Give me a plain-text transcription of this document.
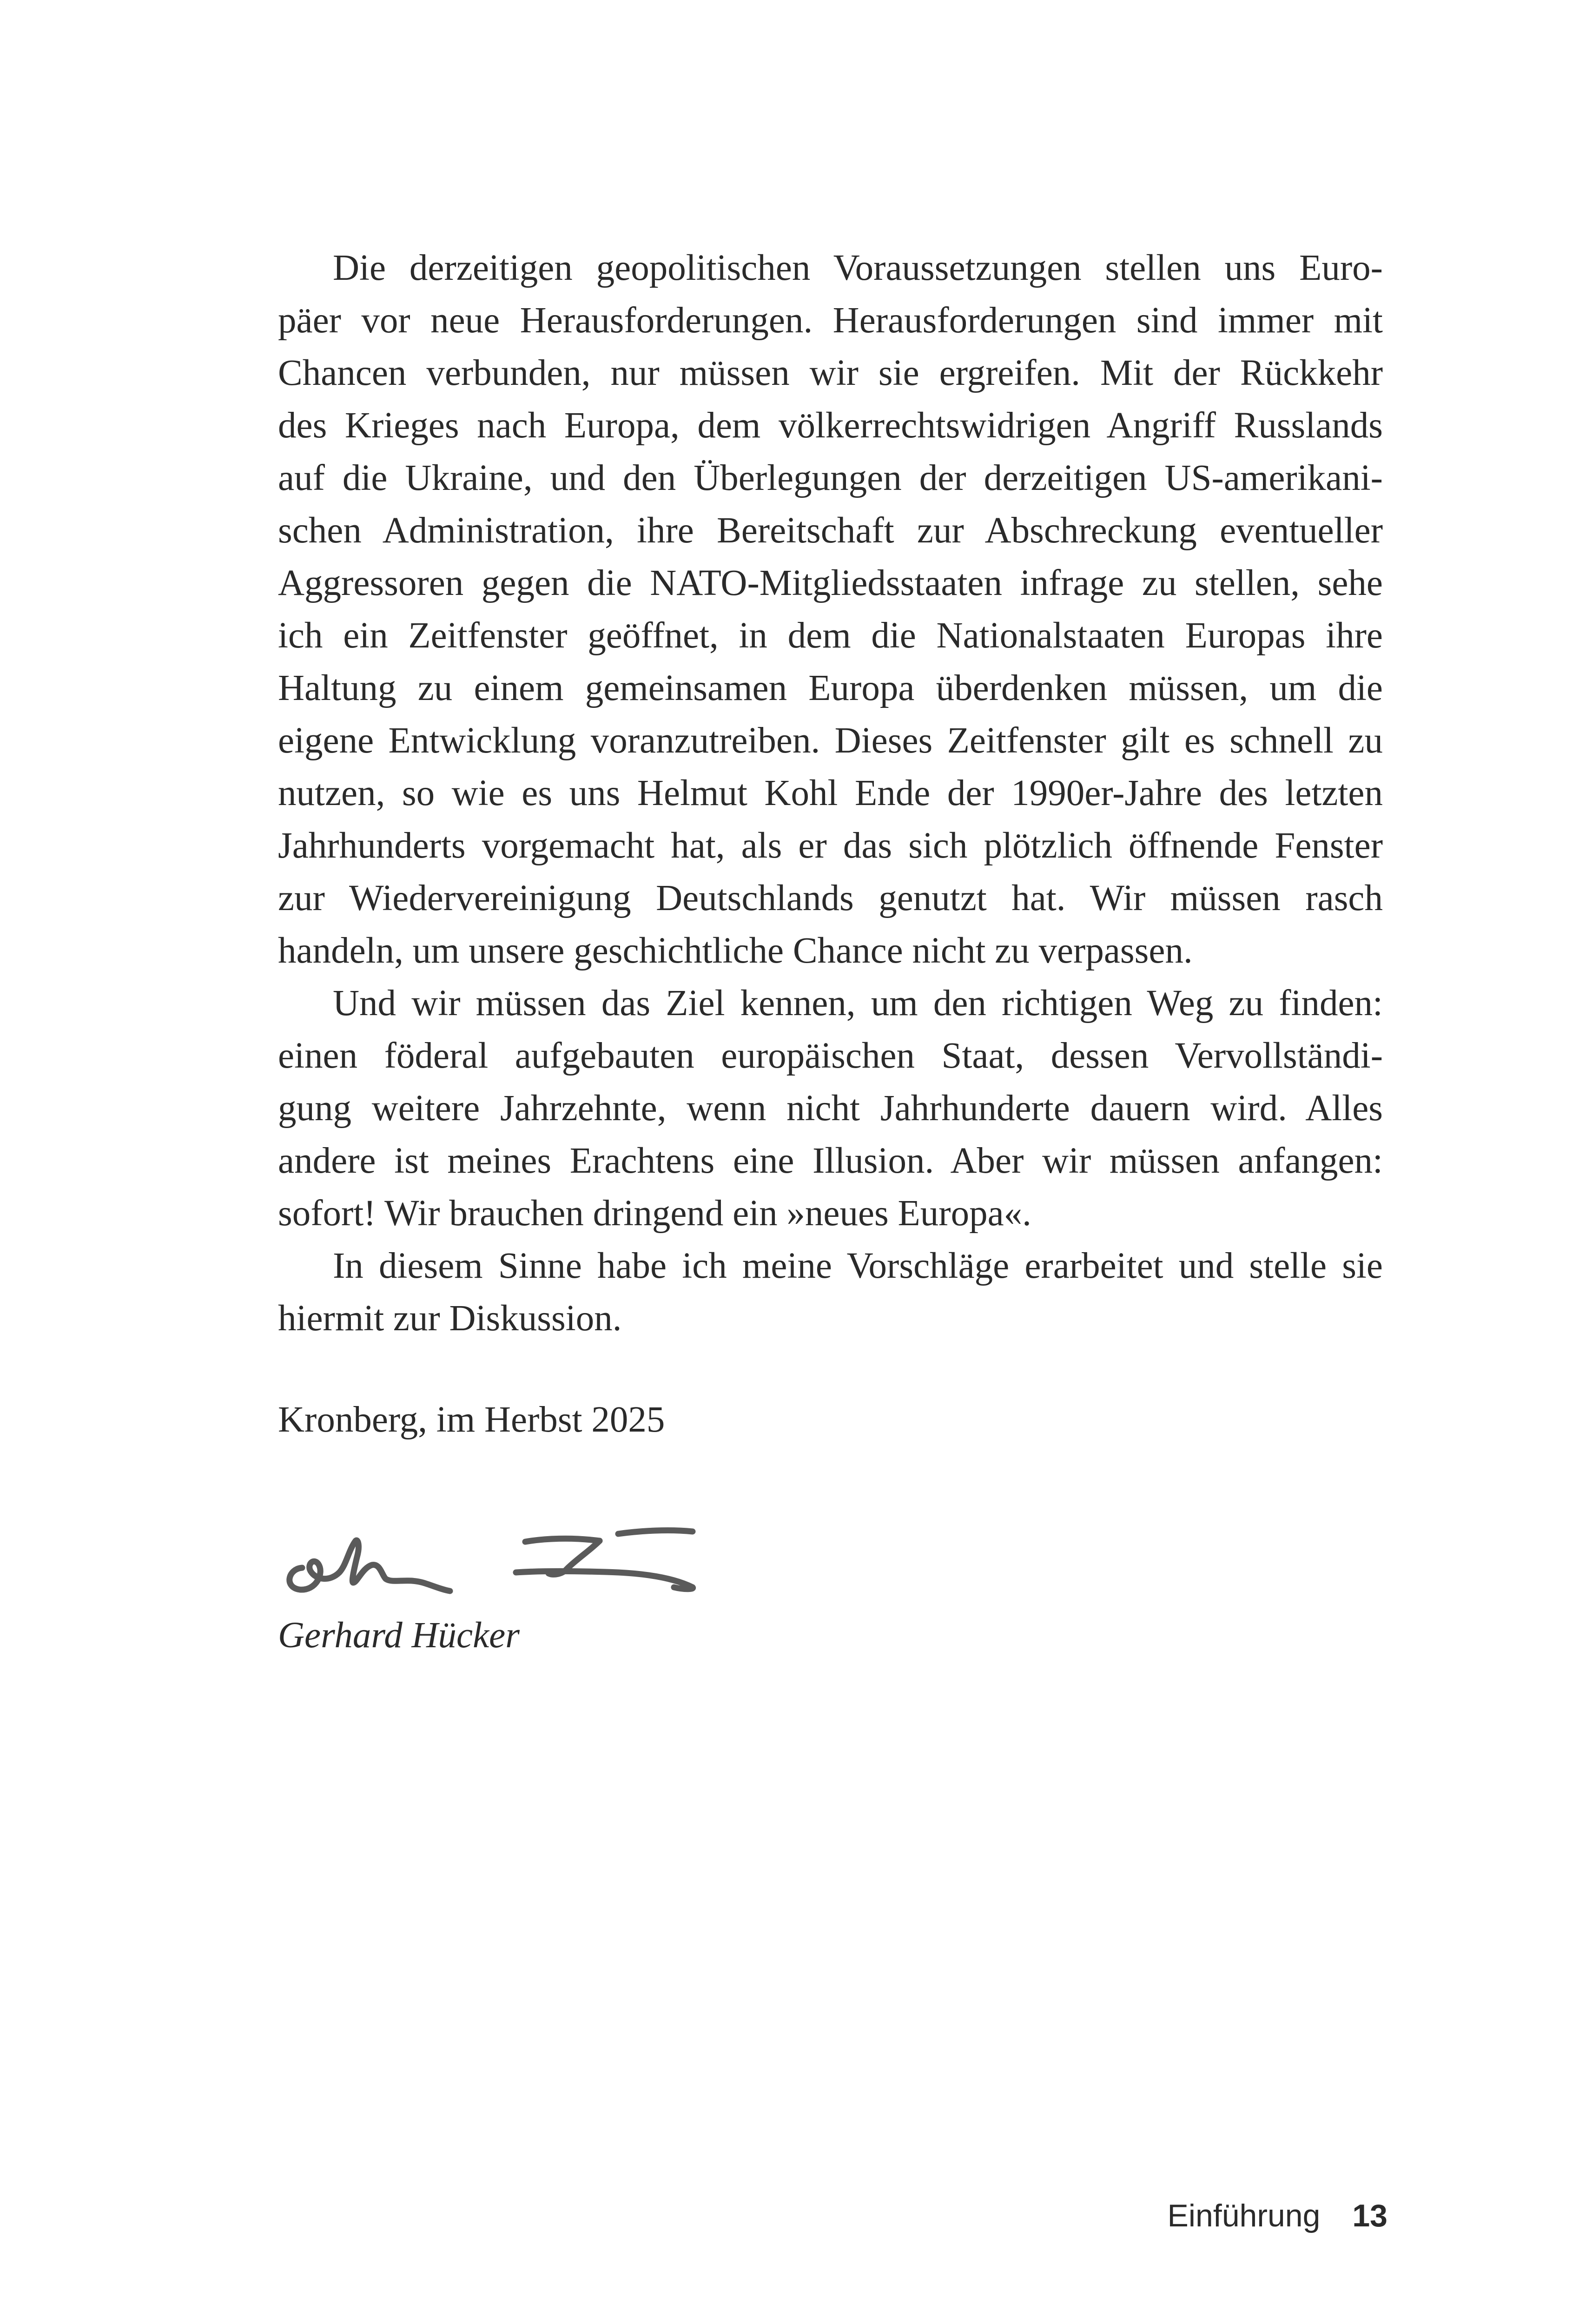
Die derzeitigen geopolitischen Voraussetzungen stellen uns Euro-
päer vor neue Herausforderungen. Herausforderungen sind immer mit
Chancen verbunden, nur müssen wir sie ergreifen. Mit der Rückkehr
des Krieges nach Europa, dem völkerrechtswidrigen Angriff Russlands
auf die Ukraine, und den Überlegungen der derzeitigen US-amerikani-
schen Administration, ihre Bereitschaft zur Abschreckung eventueller
Aggressoren gegen die NATO-Mitgliedsstaaten infrage zu stellen, sehe
ich ein Zeitfenster geöffnet, in dem die Nationalstaaten Europas ihre
Haltung zu einem gemeinsamen Europa überdenken müssen, um die
eigene Entwicklung voranzutreiben. Dieses Zeitfenster gilt es schnell zu
nutzen, so wie es uns Helmut Kohl Ende der 1990er-Jahre des letzten
Jahrhunderts vorgemacht hat, als er das sich plötzlich öffnende Fenster
zur Wiedervereinigung Deutschlands genutzt hat. Wir müssen rasch
handeln, um unsere geschichtliche Chance nicht zu verpassen.
Und wir müssen das Ziel kennen, um den richtigen Weg zu finden:
einen föderal aufgebauten europäischen Staat, dessen Vervollständi-
gung weitere Jahrzehnte, wenn nicht Jahrhunderte dauern wird. Alles
andere ist meines Erachtens eine Illusion. Aber wir müssen anfangen:
sofort! Wir brauchen dringend ein »neues Europa«.
In diesem Sinne habe ich meine Vorschläge erarbeitet und stelle sie
hiermit zur Diskussion.
Kronberg, im Herbst 2025
Gerhard Hücker
Einführung 13
